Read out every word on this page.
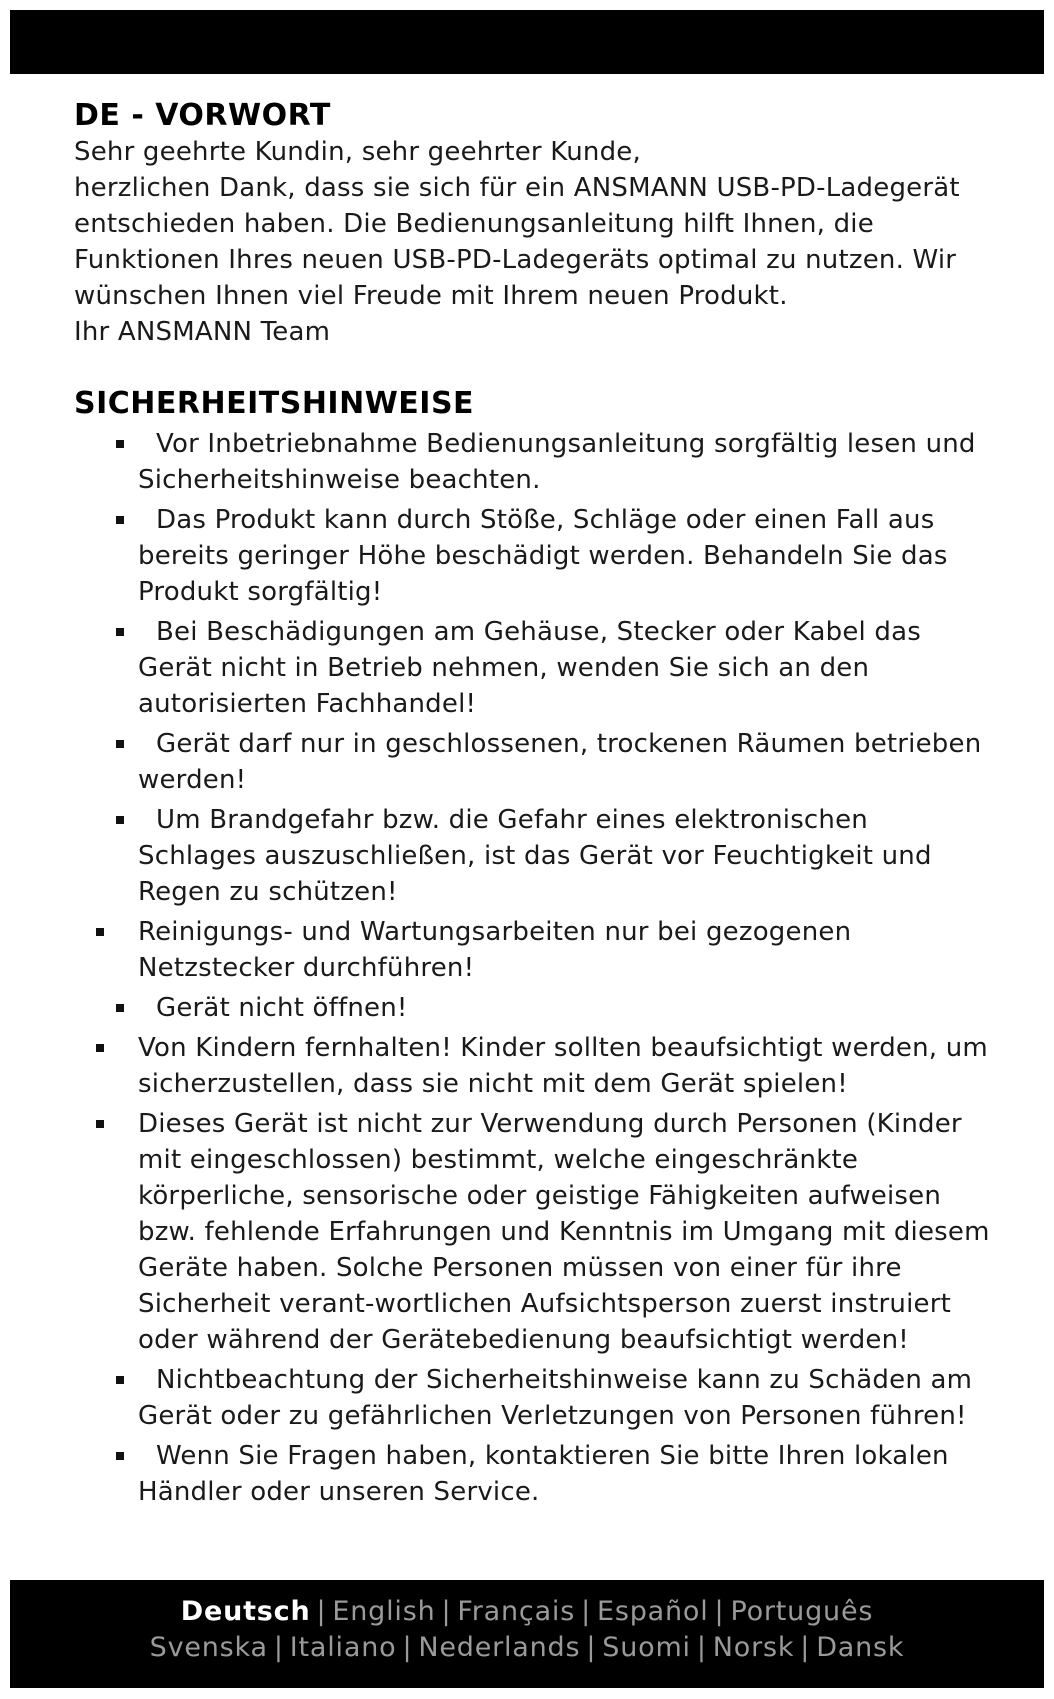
DE - VORWORT

Sehr geehrte Kundin, sehr geehrter Kunde,

herzlichen Dank, dass sie sich für ein ANSMANN USB-PD-Ladegerät

entschieden haben. Die Bedienungsanleitung hilft Ihnen, die

Funktionen Ihres neuen USB-PD-Ladegeräts optimal zu nutzen. Wir

wünschen Ihnen viel Freude mit Ihrem neuen Produkt.

Ihr ANSMANN Team

SICHERHEITSHINWEISE
Vor Inbetriebnahme Bedienungsanleitung sorgfältig lesen und Sicherheitshinweise beachten.
Das Produkt kann durch Stöße, Schläge oder einen Fall aus bereits geringer Höhe beschädigt werden. Behandeln Sie das Produkt sorgfältig!
Bei Beschädigungen am Gehäuse, Stecker oder Kabel das Gerät nicht in Betrieb nehmen, wenden Sie sich an den autorisierten Fachhandel!
Gerät darf nur in geschlossenen, trockenen Räumen betrieben werden!
Um Brandgefahr bzw. die Gefahr eines elektronischen Schlages auszuschließen, ist das Gerät vor Feuchtigkeit und Regen zu schützen!
Reinigungs- und Wartungsarbeiten nur bei gezogenen Netzstecker durchführen!
Gerät nicht öffnen!
Von Kindern fernhalten! Kinder sollten beaufsichtigt werden, um sicherzustellen, dass sie nicht mit dem Gerät spielen!
Dieses Gerät ist nicht zur Verwendung durch Personen (Kinder mit eingeschlossen) bestimmt, welche eingeschränkte körperliche, sensorische oder geistige Fähigkeiten aufweisen bzw. fehlende Erfahrungen und Kenntnis im Umgang mit diesem Geräte haben. Solche Personen müssen von einer für ihre Sicherheit verant-wortlichen Aufsichtsperson zuerst instruiert oder während der Gerätebedienung beaufsichtigt werden!
Nichtbeachtung der Sicherheitshinweise kann zu Schäden am Gerät oder zu gefährlichen Verletzungen von Personen führen!
Wenn Sie Fragen haben, kontaktieren Sie bitte Ihren lokalen Händler oder unseren Service.
Deutsch | English | Français | Español | Português
Svenska | Italiano | Nederlands | Suomi | Norsk | Dansk
